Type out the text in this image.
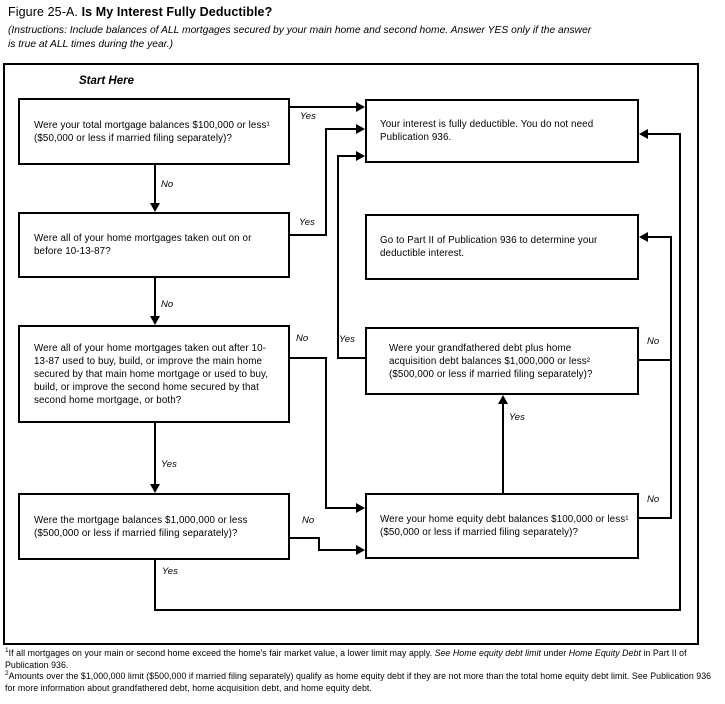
Figure 25-A. Is My Interest Fully Deductible?
(Instructions: Include balances of ALL mortgages secured by your main home and second home. Answer YES only if the answer
is true at ALL times during the year.)
Start Here
Were your total mortgage balances $100,000 or less¹ ($50,000 or less if married filing separately)?
Were all of your home mortgages taken out on or before 10-13-87?
Were all of your home mortgages taken out after 10-13-87 used to buy, build, or improve the main home secured by that main home mortgage or used to buy, build, or improve the second home secured by that second home mortgage, or both?
Were the mortgage balances $1,000,000 or less ($500,000 or less if married filing separately)?
Your interest is fully deductible. You do not need Publication 936.
Go to Part II of Publication 936 to determine your deductible interest.
Were your grandfathered debt plus home acquisition debt balances $1,000,000 or less² ($500,000 or less if married filing separately)?
Were your home equity debt balances $100,000 or less¹ ($50,000 or less if married filing separately)?
Yes
No
Yes
No
No	Yes	No
Yes
Yes
No
No
Yes
$^1$If all mortgages on your main or second home exceed the home's fair market value, a lower limit may apply. See Home equity debt limit under Home Equity Debt in Part II of Publication 936.
$^2$Amounts over the $1,000,000 limit ($500,000 if married filing separately) qualify as home equity debt if they are not more than the total home equity debt limit. See Publication 936 for more information about grandfathered debt, home acquisition debt, and home equity debt.
